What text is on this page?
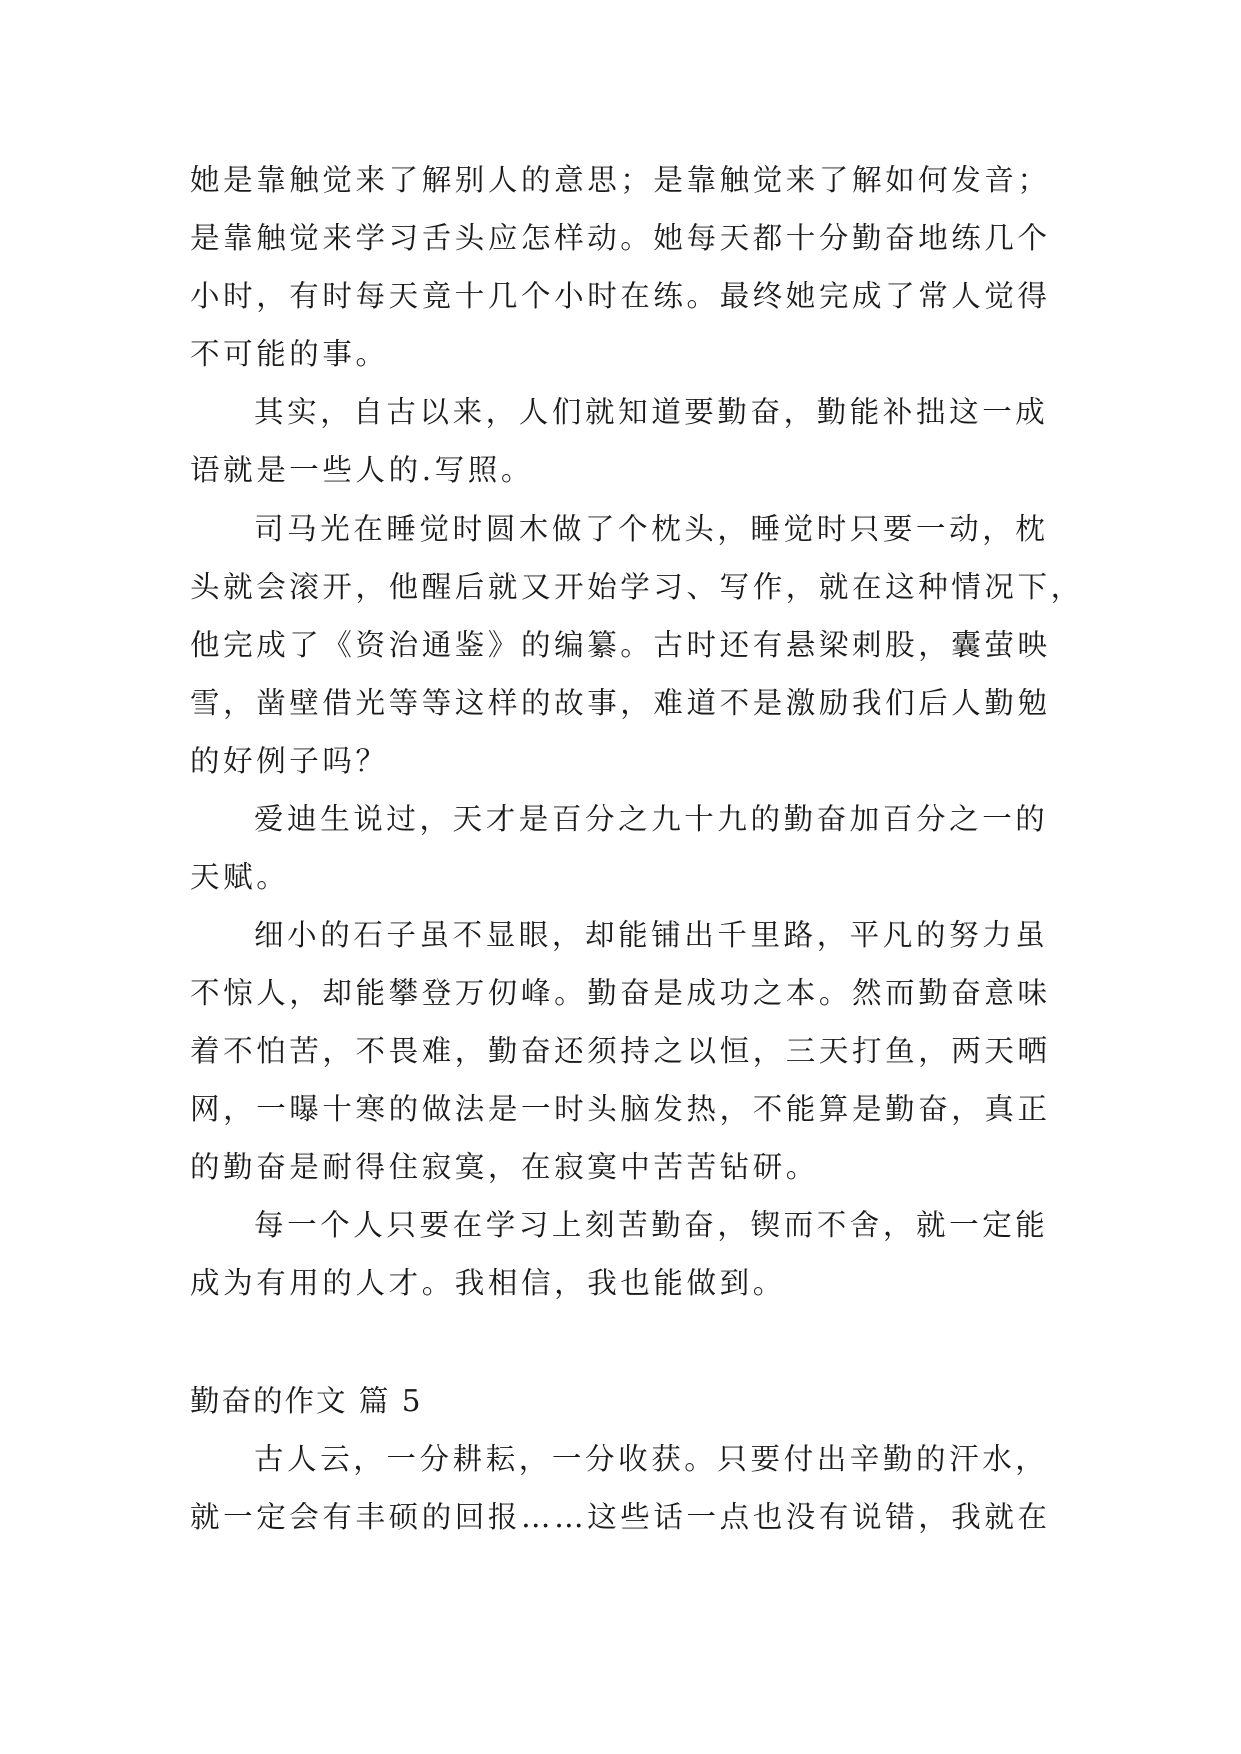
她是靠触觉来了解别人的意思；是靠触觉来了解如何发音；
是靠触觉来学习舌头应怎样动。她每天都十分勤奋地练几个
小时，有时每天竟十几个小时在练。最终她完成了常人觉得
不可能的事。
其实，自古以来，人们就知道要勤奋，勤能补拙这一成
语就是一些人的.写照。
司马光在睡觉时圆木做了个枕头，睡觉时只要一动，枕
头就会滚开，他醒后就又开始学习、写作，就在这种情况下，
他完成了《资治通鉴》的编纂。古时还有悬梁刺股，囊萤映
雪，凿壁借光等等这样的故事，难道不是激励我们后人勤勉
的好例子吗？
爱迪生说过，天才是百分之九十九的勤奋加百分之一的
天赋。
细小的石子虽不显眼，却能铺出千里路，平凡的努力虽
不惊人，却能攀登万仞峰。勤奋是成功之本。然而勤奋意味
着不怕苦，不畏难，勤奋还须持之以恒，三天打鱼，两天晒
网，一曝十寒的做法是一时头脑发热，不能算是勤奋，真正
的勤奋是耐得住寂寞，在寂寞中苦苦钻研。
每一个人只要在学习上刻苦勤奋，锲而不舍，就一定能
成为有用的人才。我相信，我也能做到。
勤奋的作文 篇 5
古人云，一分耕耘，一分收获。只要付出辛勤的汗水，
就一定会有丰硕的回报……这些话一点也没有说错，我就在
